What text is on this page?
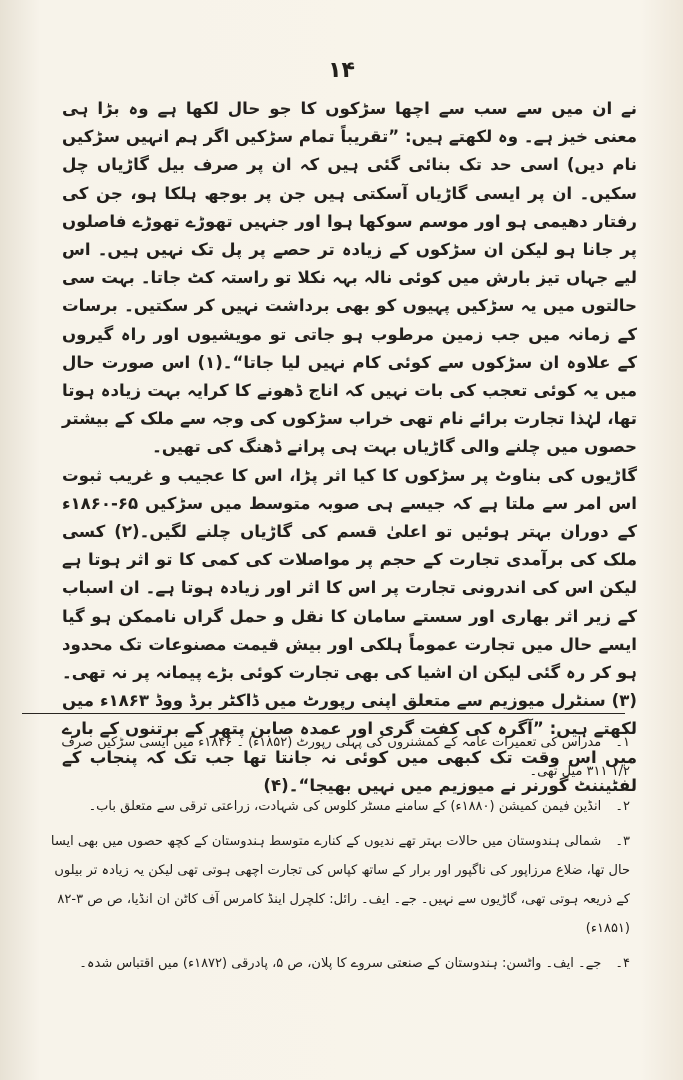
۱۴

نے ان میں سے سب سے اچھا سڑکوں کا جو حال لکھا ہے وہ بڑا ہی معنی خیز ہے۔ وہ لکھتے ہیں: ”تقریباً تمام سڑکیں اگر ہم انہیں سڑکیں نام دیں) اسی حد تک بنائی گئی ہیں کہ ان پر صرف بیل گاڑیاں چل سکیں۔ ان پر ایسی گاڑیاں آسکتی ہیں جن پر بوجھ ہلکا ہو، جن کی رفتار دھیمی ہو اور موسم سوکھا ہوا اور جنہیں تھوڑے تھوڑے فاصلوں پر جانا ہو لیکن ان سڑکوں کے زیادہ تر حصے پر پل تک نہیں ہیں۔ اس لیے جہاں تیز بارش میں کوئی نالہ بہہ نکلا تو راستہ کٹ جاتا۔ بہت سی حالتوں میں یہ سڑکیں پہیوں کو بھی برداشت نہیں کر سکتیں۔ برسات کے زمانہ میں جب زمین مرطوب ہو جاتی تو مویشیوں اور راہ گیروں کے علاوہ ان سڑکوں سے کوئی کام نہیں لیا جاتا“۔(۱) اس صورت حال میں یہ کوئی تعجب کی بات نہیں کہ اناج ڈھونے کا کرایہ بہت زیادہ ہوتا تھا، لہٰذا تجارت برائے نام تھی خراب سڑکوں کی وجہ سے ملک کے بیشتر حصوں میں چلنے والی گاڑیاں بہت ہی پرانے ڈھنگ کی تھیں۔

گاڑیوں کی بناوٹ پر سڑکوں کا کیا اثر پڑا، اس کا عجیب و غریب ثبوت اس امر سے ملتا ہے کہ جیسے ہی صوبہ متوسط میں سڑکیں ۶۵-۱۸۶۰ء کے دوران بہتر ہوئیں تو اعلیٰ قسم کی گاڑیاں چلنے لگیں۔(۲) کسی ملک کی برآمدی تجارت کے حجم پر مواصلات کی کمی کا تو اثر ہوتا ہے لیکن اس کی اندرونی تجارت پر اس کا اثر اور زیادہ ہوتا ہے۔ ان اسباب کے زیر اثر بھاری اور سستے سامان کا نقل و حمل گراں ناممکن ہو گیا ایسے حال میں تجارت عموماً ہلکی اور بیش قیمت مصنوعات تک محدود ہو کر رہ گئی لیکن ان اشیا کی بھی تجارت کوئی بڑے پیمانہ پر نہ تھی۔(۳) سنٹرل میوزیم سے متعلق اپنی رپورٹ میں ڈاکٹر برڈ ووڈ ۱۸۶۳ء میں لکھتے ہیں: ”آگرہ کی کفت گری اور عمدہ صابن پتھر کے برتنوں کے بارے میں اس وقت تک کبھی میں کوئی نہ جانتا تھا جب تک کہ پنجاب کے لفٹیننٹ گورنر نے میوزیم میں نہیں بھیجا“۔(۴)

۱۔ مدراس کی تعمیرات عامہ کے کمشنروں کی پہلی رپورٹ (۱۸۵۲ء) ۔ ۱۸۴۶ء میں ایسی سڑکیں صرف ۱/۲ ۳۱۱ میل تھی۔

۲۔ انڈین فیمن کمیشن (۱۸۸۰ء) کے سامنے مسٹر کلوس کی شہادت، زراعتی ترقی سے متعلق باب۔

۳۔ شمالی ہندوستان میں حالات بہتر تھے ندیوں کے کنارے متوسط ہندوستان کے کچھ حصوں میں بھی ایسا حال تھا، ضلاع مرزاپور کی ناگپور اور برار کے ساتھ کپاس کی تجارت اچھی ہوتی تھی لیکن یہ زیادہ تر بیلوں کے ذریعہ ہوتی تھی، گاڑیوں سے نہیں۔ جے۔ ایف۔ رائل: کلچرل اینڈ کامرس آف کاٹن ان انڈیا، ص ص ۳-۸۲ (۱۸۵۱ء)

۴۔ جے۔ ایف۔ واٹسن: ہندوستان کے صنعتی سروے کا پلان، ص ۵، پادرقی (۱۸۷۲ء) میں اقتباس شدہ۔
